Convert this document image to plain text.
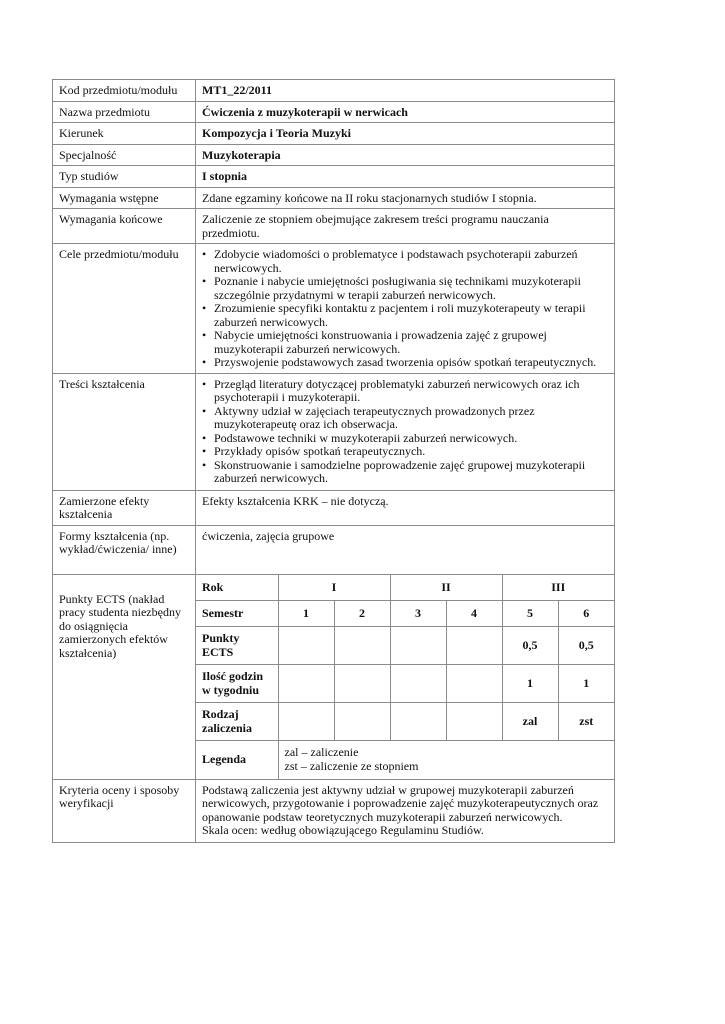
Kod przedmiotu/modułu	MT1_22/2011
Nazwa przedmiotu	Ćwiczenia z muzykoterapii w nerwicach
Kierunek	Kompozycja i Teoria Muzyki
Specjalność	Muzykoterapia
Typ studiów	I stopnia
Wymagania wstępne	Zdane egzaminy końcowe na II roku stacjonarnych studiów I stopnia.
Wymagania końcowe	Zaliczenie ze stopniem obejmujące zakresem treści programu nauczania przedmiotu.
Cele przedmiotu/modułu	• Zdobycie wiadomości o problematyce i podstawach psychoterapii zaburzeń nerwicowych.
• Poznanie i nabycie umiejętności posługiwania się technikami muzykoterapii szczególnie przydatnymi w terapii zaburzeń nerwicowych.
• Zrozumienie specyfiki kontaktu z pacjentem i roli muzykoterapeuty w terapii zaburzeń nerwicowych.
• Nabycie umiejętności konstruowania i prowadzenia zajęć z grupowej muzykoterapii zaburzeń nerwicowych.
• Przyswojenie podstawowych zasad tworzenia opisów spotkań terapeutycznych.

Treści kształcenia	• Przegląd literatury dotyczącej problematyki zaburzeń nerwicowych oraz ich psychoterapii i muzykoterapii.
• Aktywny udział w zajęciach terapeutycznych prowadzonych przez muzykoterapeutę oraz ich obserwacja.
• Podstawowe techniki w muzykoterapii zaburzeń nerwicowych.
• Przykłady opisów spotkań terapeutycznych.
• Skonstruowanie i samodzielne poprowadzenie zajęć grupowej muzykoterapii zaburzeń nerwicowych.

Zamierzone efekty kształcenia	Efekty kształcenia KRK – nie dotyczą.
Formy kształcenia (np. wykład/ćwiczenia/ inne)	ćwiczenia, zajęcia grupowe
Punkty ECTS (nakład pracy studenta niezbędny do osiągnięcia zamierzonych efektów kształcenia)	
Rok	I	II	III
Semestr	1	2	3	4	5	6
Punkty ECTS					0,5	0,5
Ilość godzin w tygodniu					1	1
Rodzaj zaliczenia					zal	zst
Legenda	zal – zaliczenie
zst – zaliczenie ze stopniem

Kryteria oceny i sposoby weryfikacji	
Podstawą zaliczenia jest aktywny udział w grupowej muzykoterapii zaburzeń nerwicowych, przygotowanie i poprowadzenie zajęć muzykoterapeutycznych oraz opanowanie podstaw teoretycznych muzykoterapii zaburzeń nerwicowych.
Skala ocen: według obowiązującego Regulaminu Studiów.
